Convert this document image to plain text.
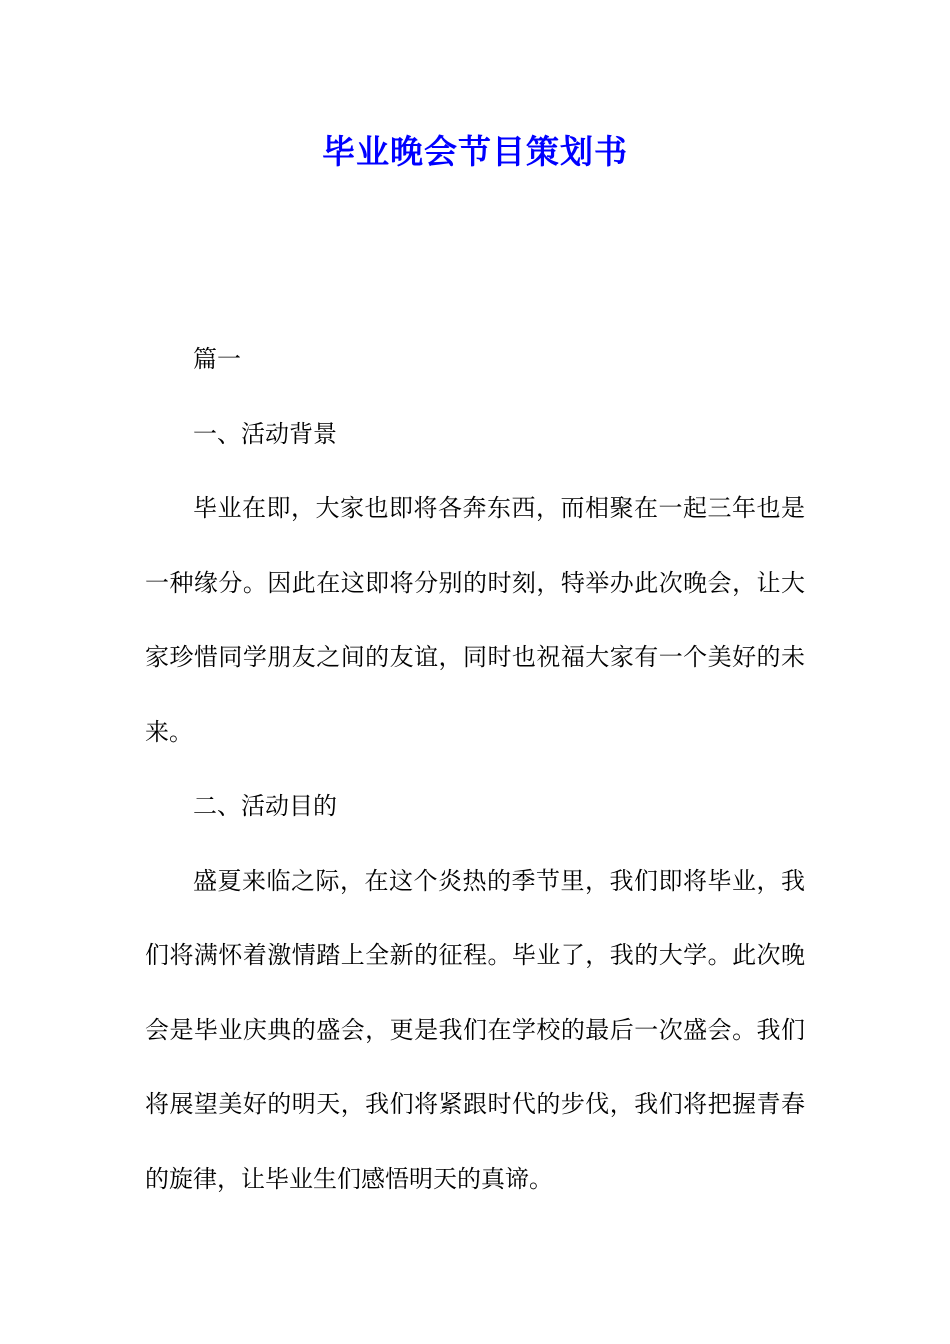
毕业晚会节目策划书
篇一
一、活动背景
毕业在即，大家也即将各奔东西，而相聚在一起三年也是
一种缘分。因此在这即将分别的时刻，特举办此次晚会，让大
家珍惜同学朋友之间的友谊，同时也祝福大家有一个美好的未
来。
二、活动目的
盛夏来临之际，在这个炎热的季节里，我们即将毕业，我
们将满怀着激情踏上全新的征程。毕业了，我的大学。此次晚
会是毕业庆典的盛会，更是我们在学校的最后一次盛会。我们
将展望美好的明天，我们将紧跟时代的步伐，我们将把握青春
的旋律，让毕业生们感悟明天的真谛。
